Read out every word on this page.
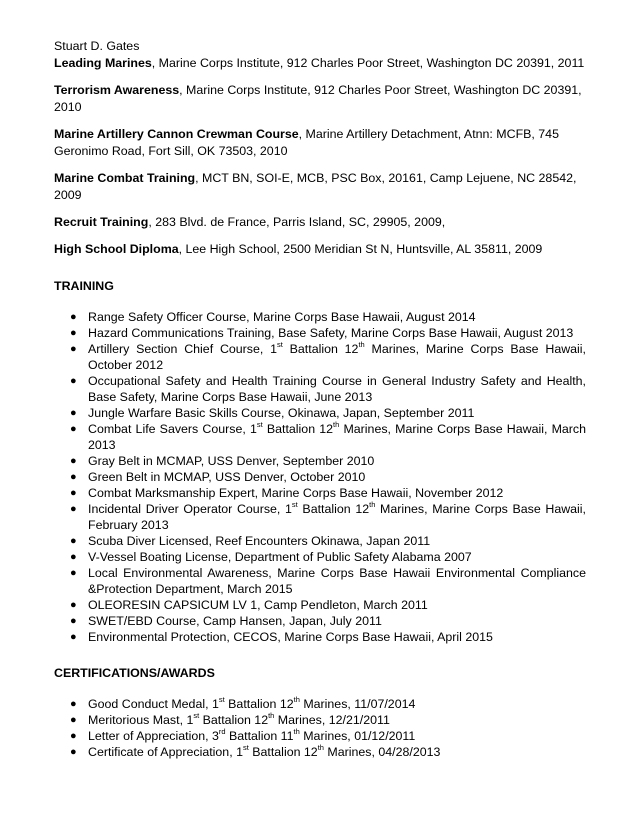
Stuart D. Gates
Leading Marines, Marine Corps Institute, 912 Charles Poor Street, Washington DC 20391, 2011
Terrorism Awareness, Marine Corps Institute, 912 Charles Poor Street, Washington DC 20391, 2010
Marine Artillery Cannon Crewman Course, Marine Artillery Detachment, Atnn: MCFB, 745 Geronimo Road, Fort Sill, OK 73503, 2010
Marine Combat Training, MCT BN, SOI-E, MCB, PSC Box, 20161, Camp Lejuene, NC 28542, 2009
Recruit Training, 283 Blvd. de France, Parris Island, SC, 29905, 2009,
High School Diploma, Lee High School, 2500 Meridian St N, Huntsville, AL 35811, 2009
TRAINING
● Range Safety Officer Course, Marine Corps Base Hawaii, August 2014
● Hazard Communications Training, Base Safety, Marine Corps Base Hawaii, August 2013
● Artillery Section Chief Course, 1st Battalion 12th Marines, Marine Corps Base Hawaii, October 2012
● Occupational Safety and Health Training Course in General Industry Safety and Health, Base Safety, Marine Corps Base Hawaii, June 2013
● Jungle Warfare Basic Skills Course, Okinawa, Japan, September 2011
● Combat Life Savers Course, 1st Battalion 12th Marines, Marine Corps Base Hawaii, March 2013
● Gray Belt in MCMAP, USS Denver, September 2010
● Green Belt in MCMAP, USS Denver, October 2010
● Combat Marksmanship Expert, Marine Corps Base Hawaii, November 2012
● Incidental Driver Operator Course, 1st Battalion 12th Marines, Marine Corps Base Hawaii, February 2013
● Scuba Diver Licensed, Reef Encounters Okinawa, Japan 2011
● V-Vessel Boating License, Department of Public Safety Alabama 2007
● Local Environmental Awareness, Marine Corps Base Hawaii Environmental Compliance &Protection Department, March 2015
● OLEORESIN CAPSICUM LV 1, Camp Pendleton, March 2011
● SWET/EBD Course, Camp Hansen, Japan, July 2011
● Environmental Protection, CECOS, Marine Corps Base Hawaii, April 2015
CERTIFICATIONS/AWARDS
● Good Conduct Medal, 1st Battalion 12th Marines, 11/07/2014
● Meritorious Mast, 1st Battalion 12th Marines, 12/21/2011
● Letter of Appreciation, 3rd Battalion 11th Marines, 01/12/2011
● Certificate of Appreciation, 1st Battalion 12th Marines, 04/28/2013
